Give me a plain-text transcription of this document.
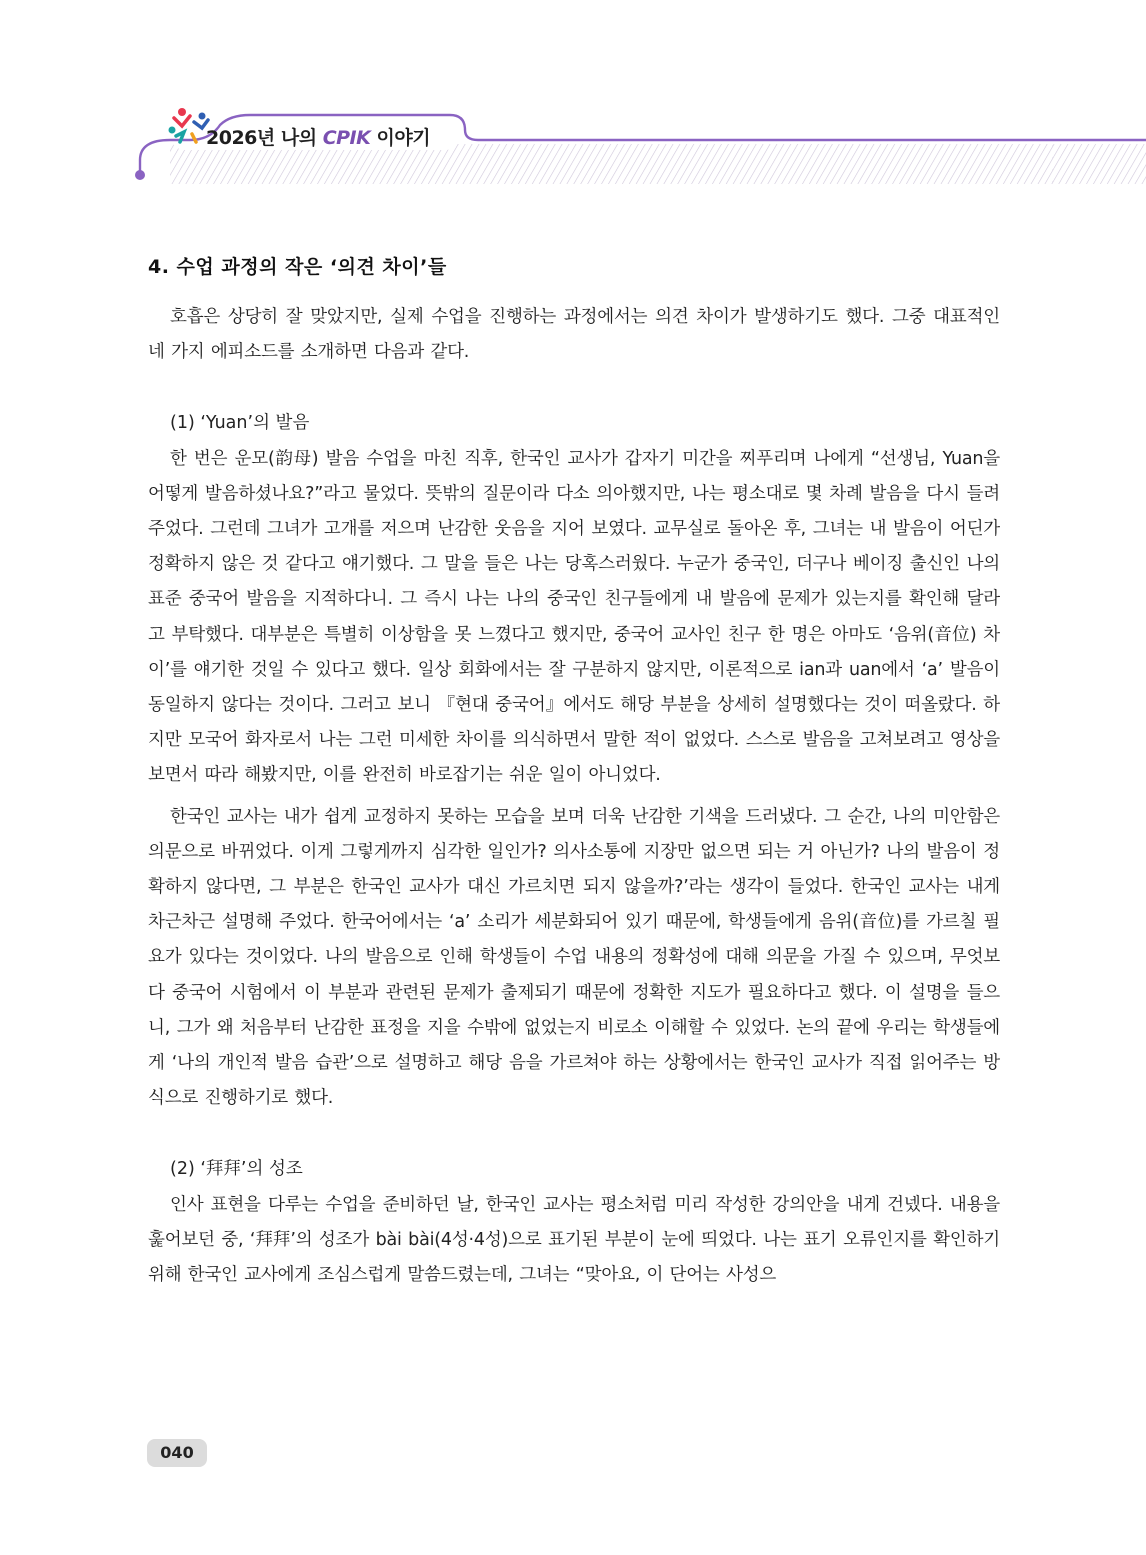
2026년 나의 CPIK 이야기
4. 수업 과정의 작은 ‘의견 차이’들

호흡은 상당히 잘 맞았지만, 실제 수업을 진행하는 과정에서는 의견 차이가 발생하기도 했다. 그중 대표적인 네 가지 에피소드를 소개하면 다음과 같다.

(1) ‘Yuan’의 발음

한 번은 운모(韵母) 발음 수업을 마친 직후, 한국인 교사가 갑자기 미간을 찌푸리며 나에게 “선생님, Yuan을 어떻게 발음하셨나요?”라고 물었다. 뜻밖의 질문이라 다소 의아했지만, 나는 평소대로 몇 차례 발음을 다시 들려주었다. 그런데 그녀가 고개를 저으며 난감한 웃음을 지어 보였다. 교무실로 돌아온 후, 그녀는 내 발음이 어딘가 정확하지 않은 것 같다고 얘기했다. 그 말을 들은 나는 당혹스러웠다. 누군가 중국인, 더구나 베이징 출신인 나의 표준 중국어 발음을 지적하다니. 그 즉시 나는 나의 중국인 친구들에게 내 발음에 문제가 있는지를 확인해 달라고 부탁했다. 대부분은 특별히 이상함을 못 느꼈다고 했지만, 중국어 교사인 친구 한 명은 아마도 ‘음위(音位) 차이’를 얘기한 것일 수 있다고 했다. 일상 회화에서는 잘 구분하지 않지만, 이론적으로 ian과 uan에서 ‘a’ 발음이 동일하지 않다는 것이다. 그러고 보니 『현대 중국어』에서도 해당 부분을 상세히 설명했다는 것이 떠올랐다. 하지만 모국어 화자로서 나는 그런 미세한 차이를 의식하면서 말한 적이 없었다. 스스로 발음을 고쳐보려고 영상을 보면서 따라 해봤지만, 이를 완전히 바로잡기는 쉬운 일이 아니었다.

한국인 교사는 내가 쉽게 교정하지 못하는 모습을 보며 더욱 난감한 기색을 드러냈다. 그 순간, 나의 미안함은 의문으로 바뀌었다. 이게 그렇게까지 심각한 일인가? 의사소통에 지장만 없으면 되는 거 아닌가? 나의 발음이 정확하지 않다면, 그 부분은 한국인 교사가 대신 가르치면 되지 않을까?’라는 생각이 들었다. 한국인 교사는 내게 차근차근 설명해 주었다. 한국어에서는 ‘a’ 소리가 세분화되어 있기 때문에, 학생들에게 음위(音位)를 가르칠 필요가 있다는 것이었다. 나의 발음으로 인해 학생들이 수업 내용의 정확성에 대해 의문을 가질 수 있으며, 무엇보다 중국어 시험에서 이 부분과 관련된 문제가 출제되기 때문에 정확한 지도가 필요하다고 했다. 이 설명을 들으니, 그가 왜 처음부터 난감한 표정을 지을 수밖에 없었는지 비로소 이해할 수 있었다. 논의 끝에 우리는 학생들에게 ‘나의 개인적 발음 습관’으로 설명하고 해당 음을 가르쳐야 하는 상황에서는 한국인 교사가 직접 읽어주는 방식으로 진행하기로 했다.

(2) ‘拜拜’의 성조

인사 표현을 다루는 수업을 준비하던 날, 한국인 교사는 평소처럼 미리 작성한 강의안을 내게 건넸다. 내용을 훑어보던 중, ‘拜拜’의 성조가 bài bài(4성·4성)으로 표기된 부분이 눈에 띄었다. 나는 표기 오류인지를 확인하기 위해 한국인 교사에게 조심스럽게 말씀드렸는데, 그녀는 “맞아요, 이 단어는 사성으

040
